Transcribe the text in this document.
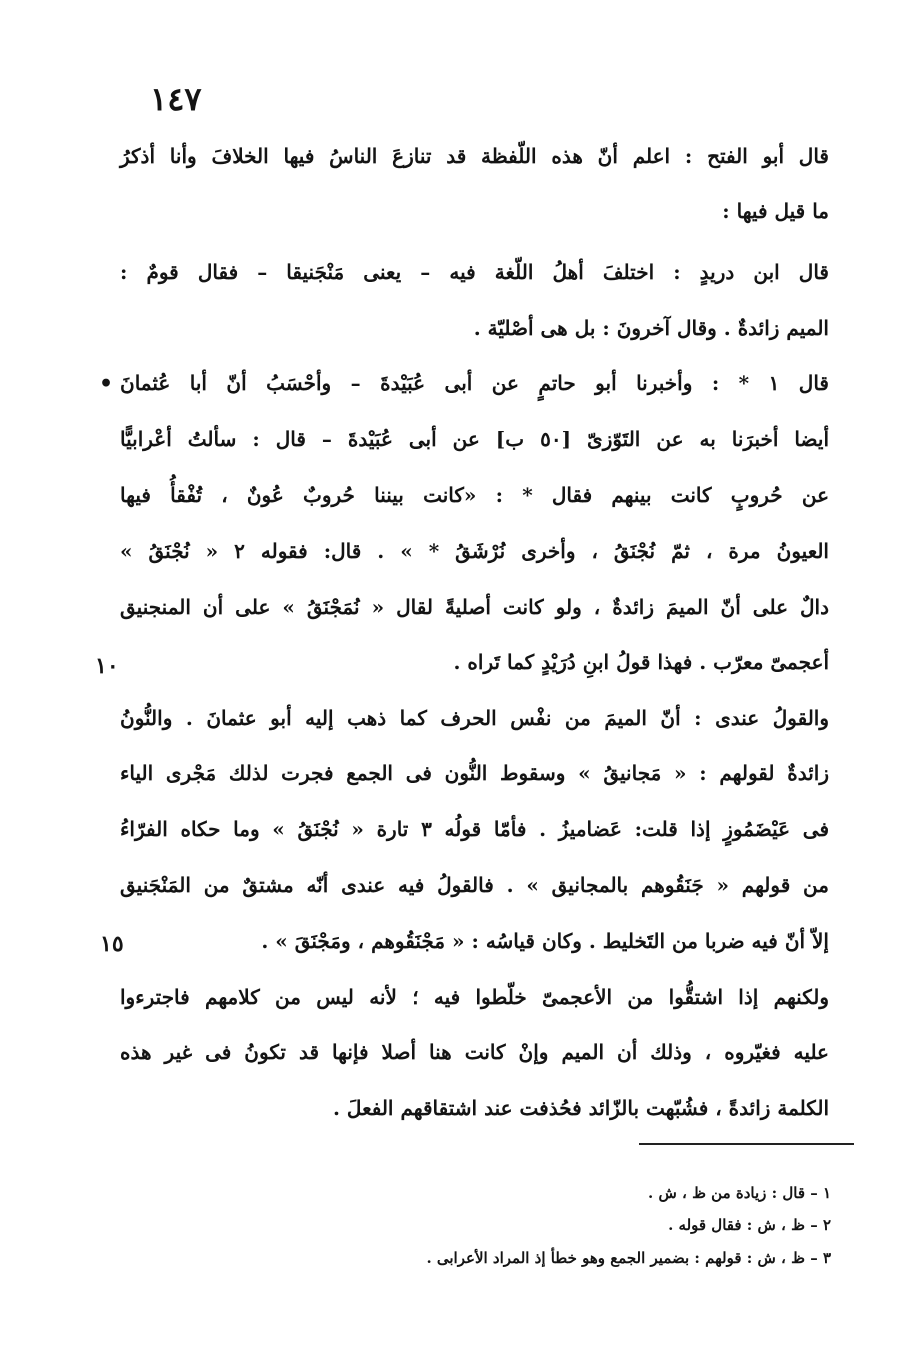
١٤٧
قال أبو الفتح : اعلم أنّ هذه اللّفظة قد تنازعَ الناسُ فيها الخلافَ وأنا أذكرُ
ما قيل فيها :
قال ابن دريدٍ : اختلفَ أهلُ اللّغة فيه – يعنى مَنْجَنيقا – فقال قومٌ :
الميم زائدةٌ . وقال آخرونَ : بل هى أصْليّة .
قال ١ * : وأخبرنا أبو حاتمٍ عن أبى عُبَيْدةَ – وأحْسَبُ أنّ أبا عُثمانَ
أيضا أخبرَنا به عن التَوّزىّ [٥٠ ب] عن أبى عُبَيْدةَ – قال : سألتُ أعْرابيًّا
عن حُروبٍ كانت بينهم فقال * : «كانت بيننا حُروبٌ عُونٌ ، تُفْقأُ فيها
العيونُ مرة ، ثمّ نُجْنَقُ ، وأخرى نُرْشَقُ * » . قال: فقوله ٢ « نُجْنَقُ »
دالٌ على أنّ الميمَ زائدةٌ ، ولو كانت أصليةً لقال « نُمَجْنَقُ » على أن المنجنيق
أعجمىّ معرّب . فهذا قولُ ابنِ دُرَيْدٍ كما تَراه .
والقولُ عندى : أنّ الميمَ من نفْس الحرف كما ذهب إليه أبو عثمانَ . والنُّونُ
زائدةٌ لقولهم : « مَجانيقُ » وسقوط النُّون فى الجمع فجرت لذلك مَجْرى الياء
فى عَيْضَمُوزٍ إذا قلت: عَضاميزُ . فأمّا قولُه ٣ تارة « نُجْنَقُ » وما حكاه الفرّاءُ
من قولهم « جَنَقُوهم بالمجانيق » . فالقولُ فيه عندى أنّه مشتقٌ من المَنْجَنيق
إلاّ أنّ فيه ضربا من التَخليط . وكان قياسُه : « مَجْنَقُوهم ، ومَجْنَقَ » .
ولكنهم إذا اشتقُّوا من الأعجمىّ خلّطوا فيه ؛ لأنه ليس من كلامهم فاجترءوا
عليه فغيّروه ، وذلك أن الميم وإنْ كانت هنا أصلا فإنها قد تكونُ فى غير هذه
الكلمة زائدةً ، فشُبّهت بالزّائد فحُذفت عند اشتقاقهم الفعلَ .
١٠
١٥
•
١ – قال : زيادة من ظ ، ش .
٢ – ظ ، ش : فقال قوله .
٣ – ظ ، ش : قولهم : بضمير الجمع وهو خطأ إذ المراد الأعرابى .
